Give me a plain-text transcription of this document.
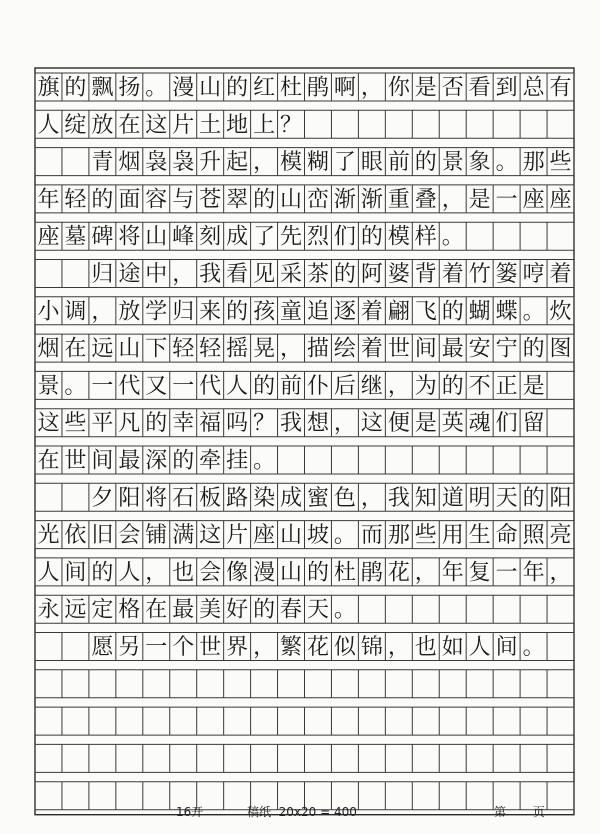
旗 的 飘 扬 。 漫 山 的 红 杜 鹃 啊 ， 你 是 否 看 到 总 有
人 绽 放 在 这 片 土 地 上 ？
青 烟 袅 袅 升 起 ， 模 糊 了 眼 前 的 景 象 。 那 些
年 轻 的 面 容 与 苍 翠 的 山 峦 渐 渐 重 叠 ， 是 一 座 座
座 墓 碑 将 山 峰 刻 成 了 先 烈 们 的 模 样 。
归 途 中 ， 我 看 见 采 茶 的 阿 婆 背 着 竹 篓 哼 着
小 调 ， 放 学 归 来 的 孩 童 追 逐 着 翩 飞 的 蝴 蝶 。 炊
烟 在 远 山 下 轻 轻 摇 晃 ， 描 绘 着 世 间 最 安 宁 的 图
景 。 一 代 又 一 代 人 的 前 仆 后 继 ， 为 的 不 正 是
这 些 平 凡 的 幸 福 吗 ？ 我 想 ， 这 便 是 英 魂 们 留
在 世 间 最 深 的 牵 挂 。
夕 阳 将 石 板 路 染 成 蜜 色 ， 我 知 道 明 天 的 阳
光 依 旧 会 铺 满 这 片 座 山 坡 。 而 那 些 用 生 命 照 亮
人 间 的 人 ， 也 会 像 漫 山 的 杜 鹃 花 ， 年 复 一 年 ，
永 远 定 格 在 最 美 好 的 春 天 。
愿 另 一 个 世 界 ， 繁 花 似 锦 ， 也 如 人 间 。
16开	稿纸  20x20 = 400	第       页
